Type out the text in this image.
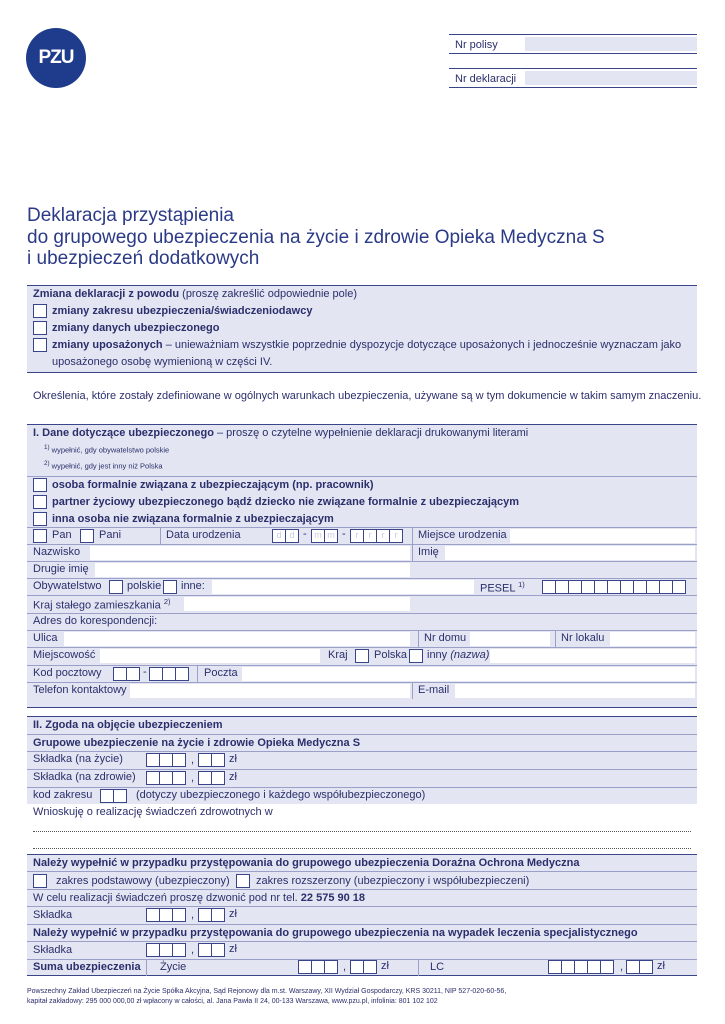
PZU
Nr polisy
Nr deklaracji
Deklaracja przystąpienia
do grupowego ubezpieczenia na życie i zdrowie Opieka Medyczna S
i ubezpieczeń dodatkowych
Zmiana deklaracji z powodu (proszę zakreślić odpowiednie pole)
zmiany zakresu ubezpieczenia/świadczeniodawcy
zmiany danych ubezpieczonego
zmiany uposażonych – unieważniam wszystkie poprzednie dyspozycje dotyczące uposażonych i jednocześnie wyznaczam jako
uposażonego osobę wymienioną w części IV.
Określenia, które zostały zdefiniowane w ogólnych warunkach ubezpieczenia, używane są w tym dokumencie w takim samym znaczeniu.
I. Dane dotyczące ubezpieczonego – proszę o czytelne wypełnienie deklaracji drukowanymi literami
$^{1)}$ wypełnić, gdy obywatelstwo polskie
$^{2)}$ wypełnić, gdy jest inny niż Polska
osoba formalnie związana z ubezpieczającym (np. pracownik)
partner życiowy ubezpieczonego bądź dziecko nie związane formalnie z ubezpieczającym
inna osoba nie związana formalnie z ubezpieczającym
Pan Pani	Data urodzenia	d d - m m -	r	r	r	r	Miejsce urodzenia
Nazwisko	Imię
Drugie imię
Obywatelstwo polskie inne:	PESEL $^{1)}$
Kraj stałego zamieszkania $^{2)}$
Adres do korespondencji:
Ulica	Nr domu	Nr lokalu
Miejscowość	Kraj Polska inny (nazwa)
Kod pocztowy	-	Poczta
Telefon kontaktowy	E-mail
II. Zgoda na objęcie ubezpieczeniem
Grupowe ubezpieczenie na życie i zdrowie Opieka Medyczna S
Składka (na życie)	,	zł
Składka (na zdrowie)	,	zł
kod zakresu	(dotyczy ubezpieczonego i każdego współubezpieczonego)
Wnioskuję o realizację świadczeń zdrowotnych w
Należy wypełnić w przypadku przystępowania do grupowego ubezpieczenia Doraźna Ochrona Medyczna
zakres podstawowy (ubezpieczony) zakres rozszerzony (ubezpieczony i współubezpieczeni)
W celu realizacji świadczeń proszę dzwonić pod nr tel. 22 575 90 18
Składka	,	zł
Należy wypełnić w przypadku przystępowania do grupowego ubezpieczenia na wypadek leczenia specjalistycznego
Składka	,	zł
Suma ubezpieczenia Życie	,	zł	LC	,	zł
Powszechny Zakład Ubezpieczeń na Życie Spółka Akcyjna, Sąd Rejonowy dla m.st. Warszawy, XII Wydział Gospodarczy, KRS 30211, NIP 527-020-60-56,
kapitał zakładowy: 295 000 000,00 zł wpłacony w całości, al. Jana Pawła II 24, 00-133 Warszawa, www.pzu.pl, infolinia: 801 102 102
